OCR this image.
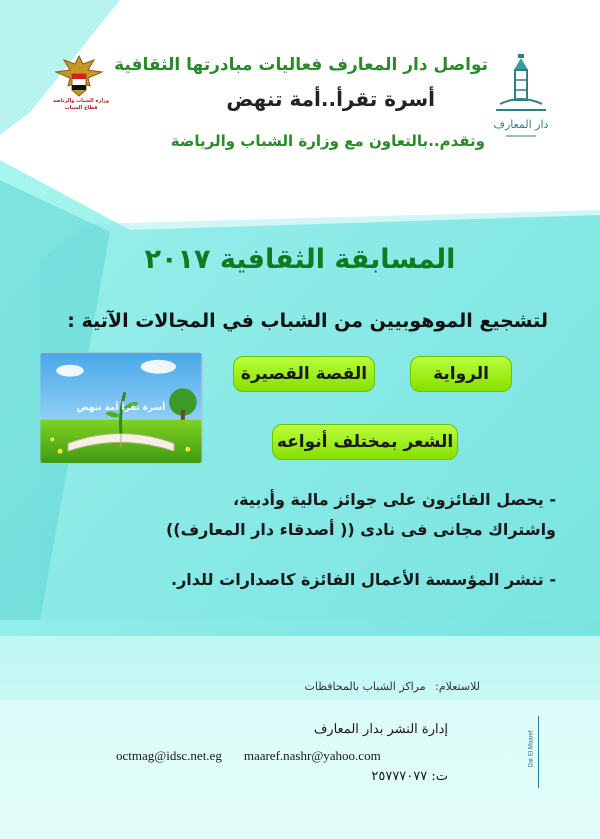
دار المعارف
وزارة الشباب والرياضة
قطاع الشباب
تواصل دار المعارف فعاليات مبادرتها الثقافية
أسرة تقرأ..أمة تنهض
وتقدم..بالتعاون مع وزارة الشباب والرياضة
المسابقة الثقافية ٢٠١٧
لتشجيع الموهوبيين من الشباب في المجالات الآتية :
الرواية
القصة القصيرة
الشعر بمختلف أنواعه
أسرة تقرأ أمة تنهض
- يحصل الفائزون على جوائز مالية وأدبية،
واشتراك مجانى فى نادى (( أصدقاء دار المعارف))
- تنشر المؤسسة الأعمال الفائزة كاصدارات للدار.
للاستعلام: مراكز الشباب بالمحافظات
إدارة النشر بدار المعارف
octmag@idsc.net.eg maaref.nashr@yahoo.com
ت: ٢٥٧٧٧٠٧٧
Dar El Maaref
